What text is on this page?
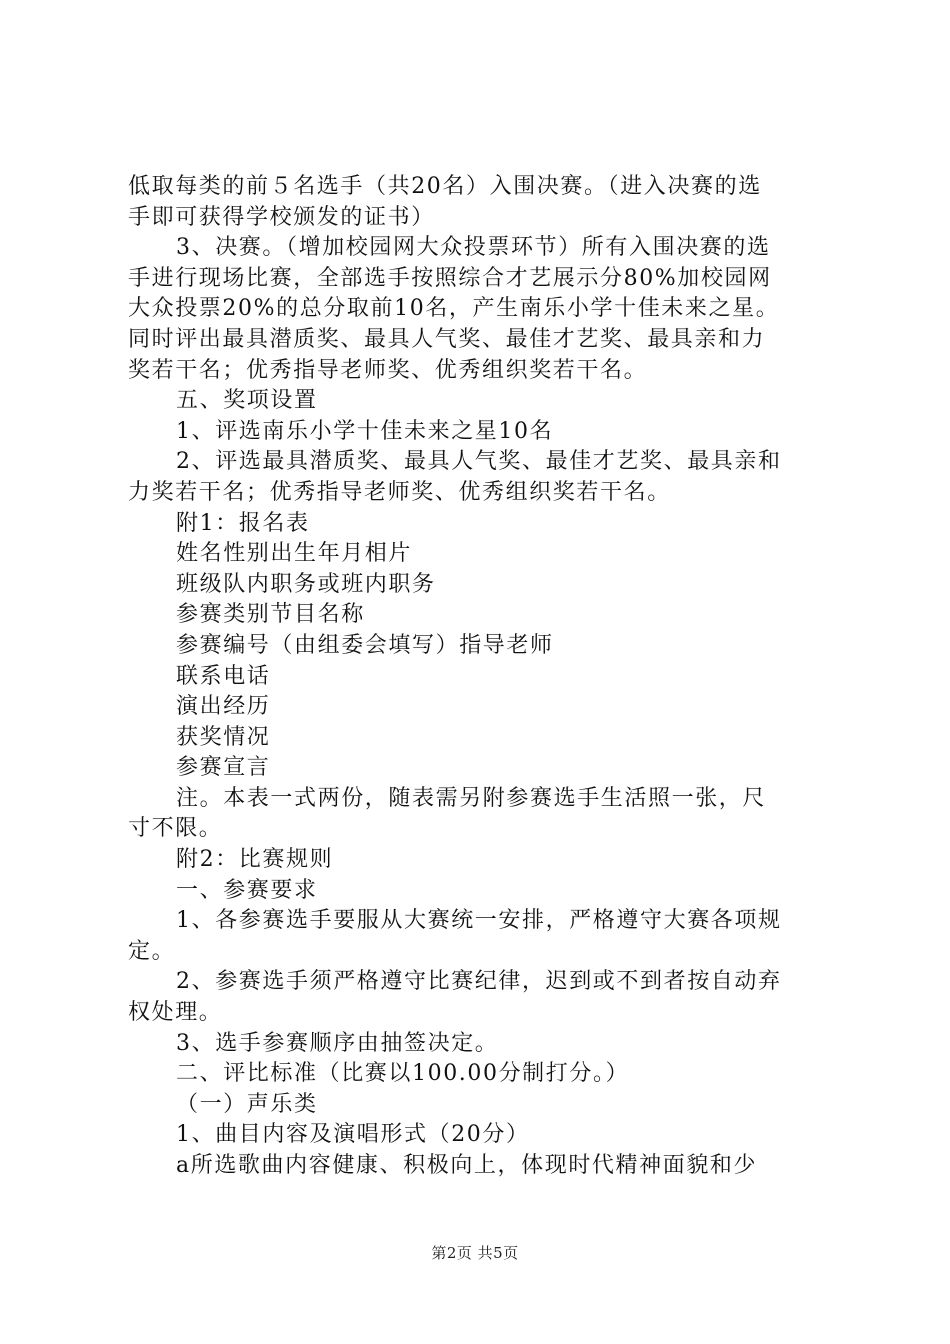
低取每类的前５名选手（共20名）入围决赛。（进入决赛的选
手即可获得学校颁发的证书）
3、决赛。（增加校园网大众投票环节）所有入围决赛的选
手进行现场比赛，全部选手按照综合才艺展示分80%加校园网
大众投票20%的总分取前10名，产生南乐小学十佳未来之星。
同时评出最具潜质奖、最具人气奖、最佳才艺奖、最具亲和力
奖若干名；优秀指导老师奖、优秀组织奖若干名。
五、奖项设置
1、评选南乐小学十佳未来之星10名
2、评选最具潜质奖、最具人气奖、最佳才艺奖、最具亲和
力奖若干名；优秀指导老师奖、优秀组织奖若干名。
附1：报名表
姓名性别出生年月相片
班级队内职务或班内职务
参赛类别节目名称
参赛编号（由组委会填写）指导老师
联系电话
演出经历
获奖情况
参赛宣言
注。本表一式两份，随表需另附参赛选手生活照一张，尺
寸不限。
附2：比赛规则
一、参赛要求
1、各参赛选手要服从大赛统一安排，严格遵守大赛各项规
定。
2、参赛选手须严格遵守比赛纪律，迟到或不到者按自动弃
权处理。
3、选手参赛顺序由抽签决定。
二、评比标准（比赛以100.00分制打分。）
（一）声乐类
1、曲目内容及演唱形式（20分）
a所选歌曲内容健康、积极向上，体现时代精神面貌和少
第2页 共5页
